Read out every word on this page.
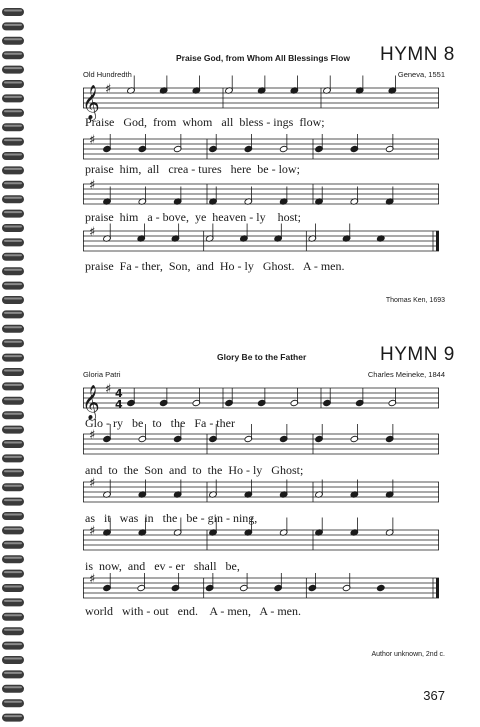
Praise God, from Whom All Blessings Flow HYMN 8
Old Hundredth	Geneva, 1551
𝄞 ♯
Praise   God,  from  whom   all  bless - ings  flow;
♯
praise  him,  all   crea - tures   here  be - low;
♯
praise  him   a - bove,  ye  heaven - ly    host;
♯
praise  Fa - ther,  Son,  and  Ho - ly   Ghost.   A - men.
Thomas Ken, 1693
Glory Be to the Father	HYMN 9
Gloria Patri	Charles Meineke, 1844
𝄞 ♯ 4
4
Glo - ry   be   to   the   Fa - ther
♯
and  to  the  Son  and  to  the  Ho - ly   Ghost;
♯
as   it   was  in   the   be - gin - ning,
♯
is  now,  and   ev - er   shall   be,
♯
world   with - out   end.    A - men,   A - men.
Author unknown, 2nd c.
367
